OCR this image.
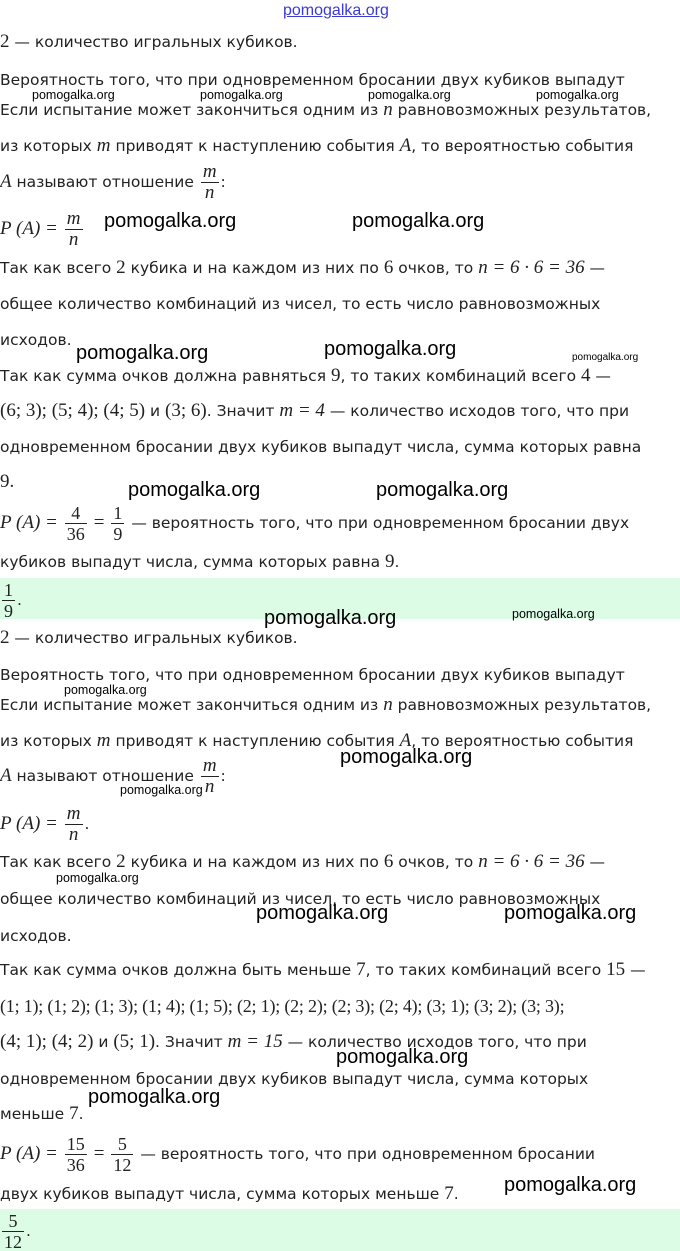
pomogalka.org
2 — количество игральных кубиков.
Вероятность того, что при одновременном бросании двух кубиков выпадут
Если испытание может закончиться одним из n равновозможных результатов,
из которых m приводят к наступлению события A, то вероятностью события
A называют отношение $\frac{m}{n}$ :
P $(A) = \frac{m}{n}$
Так как всего 2 кубика и на каждом из них по 6 очков, то n = 6 · 6 = 36 —
общее количество комбинаций из чисел, то есть число равновозможных
исходов.
Так как сумма очков должна равняться 9, то таких комбинаций всего 4 —
(6; 3); (5; 4); (4; 5) и (3; 6). Значит m = 4 — количество исходов того, что при
одновременном бросании двух кубиков выпадут числа, сумма которых равна
9.
P $(A) = \frac{4}{36} = \frac{1}{9}$ — вероятность того, что при одновременном бросании двух
кубиков выпадут числа, сумма которых равна 9.
$\frac{1}{9}$ .
2 — количество игральных кубиков.
Вероятность того, что при одновременном бросании двух кубиков выпадут
Если испытание может закончиться одним из n равновозможных результатов,
из которых m приводят к наступлению события A, то вероятностью события
A называют отношение $\frac{m}{n}$ :
P $(A) = \frac{m}{n}$ .
Так как всего 2 кубика и на каждом из них по 6 очков, то n = 6 · 6 = 36 —
общее количество комбинаций из чисел, то есть число равновозможных
исходов.
Так как сумма очков должна быть меньше 7, то таких комбинаций всего 15 —
(1; 1); (1; 2); (1; 3); (1; 4); (1; 5); (2; 1); (2; 2); (2; 3); (2; 4); (3; 1); (3; 2); (3; 3);
(4; 1); (4; 2) и (5; 1). Значит m = 15 — количество исходов того, что при
одновременном бросании двух кубиков выпадут числа, сумма которых
меньше 7.
P $(A) = \frac{15}{36} = \frac{5}{12}$ — вероятность того, что при одновременном бросании
двух кубиков выпадут числа, сумма которых меньше 7.
$\frac{5}{12}$ .
pomogalka.org	pomogalka.org	pomogalka.org	pomogalka.org
pomogalka.org	pomogalka.org
pomogalka.org	pomogalka.org	pomogalka.org
pomogalka.org	pomogalka.org
pomogalka.org	pomogalka.org
pomogalka.org
pomogalka.org
pomogalka.org
pomogalka.org
pomogalka.org	pomogalka.org
pomogalka.org
pomogalka.org
pomogalka.org
